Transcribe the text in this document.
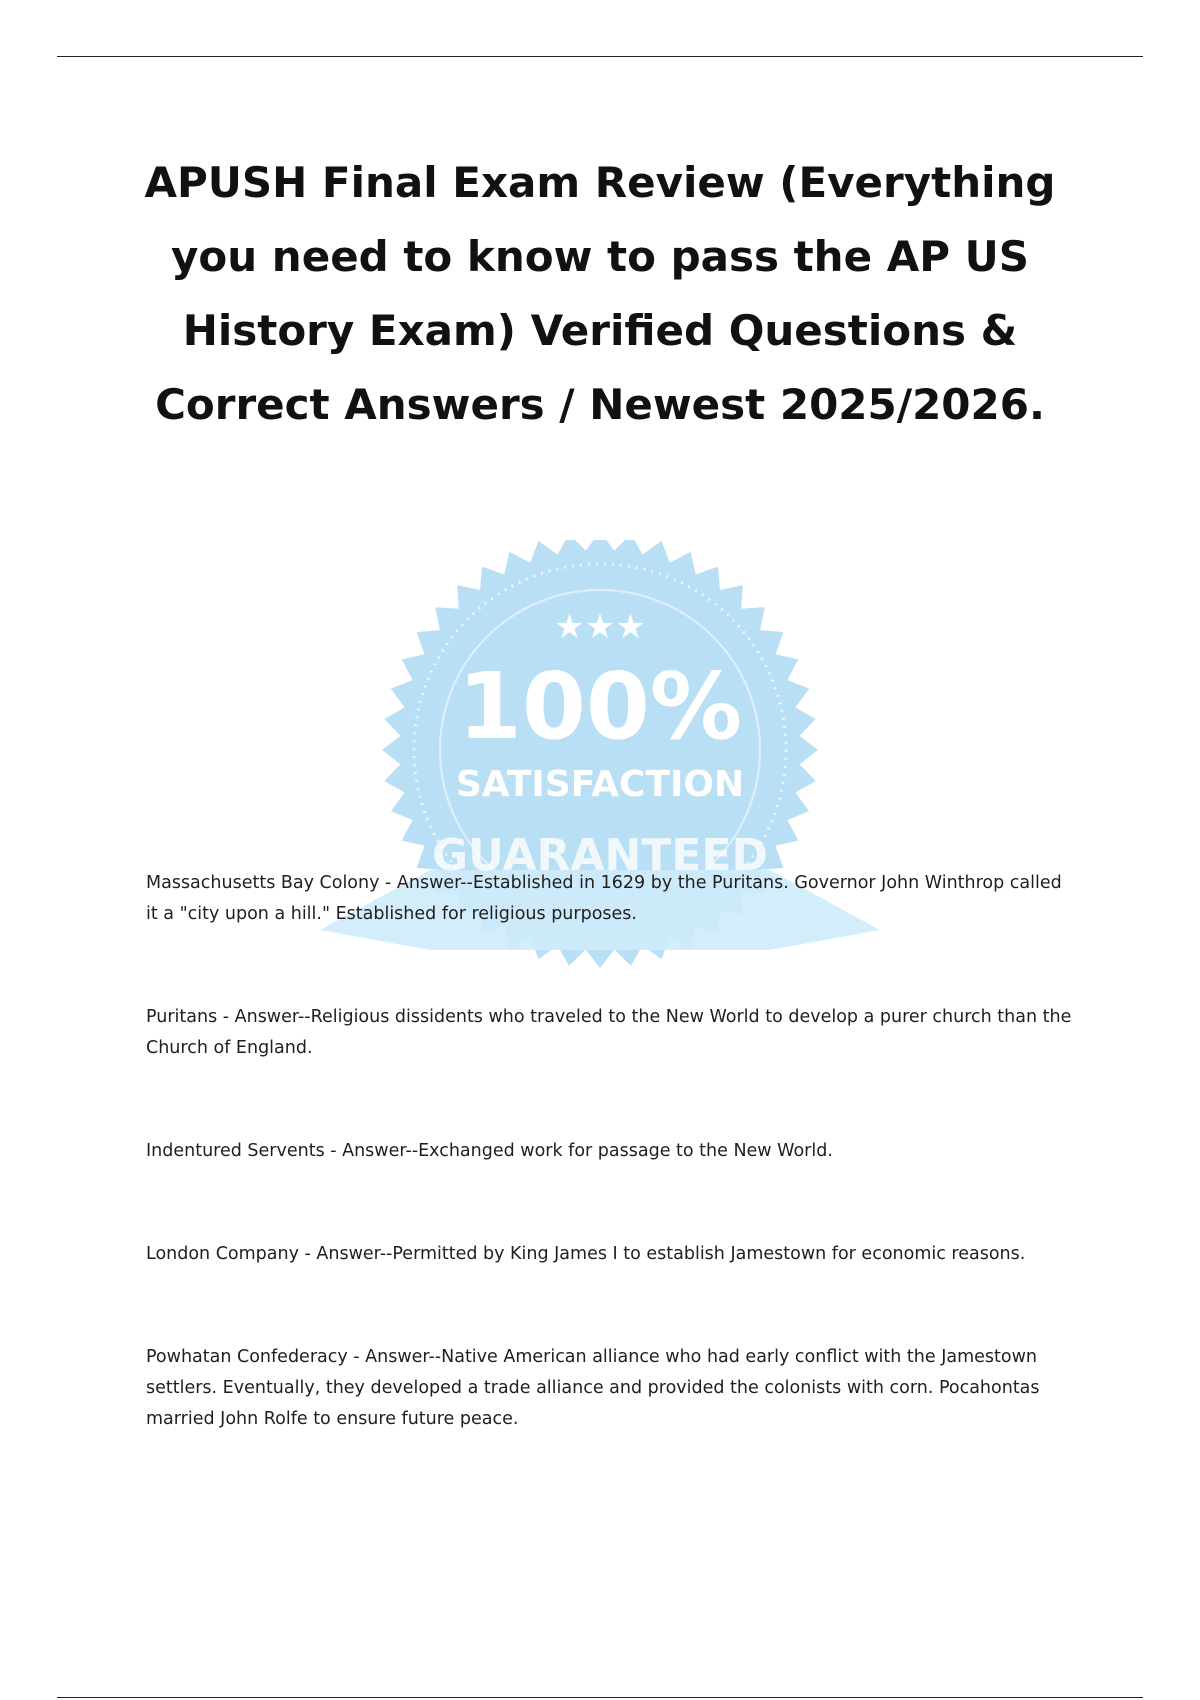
APUSH Final Exam Review (Everything you need to know to pass the AP US History Exam) Verified Questions & Correct Answers / Newest 2025/2026.
★★★
100%
SATISFACTION
GUARANTEED
Massachusetts Bay Colony - Answer--Established in 1629 by the Puritans. Governor John Winthrop called it a "city upon a hill." Established for religious purposes.
Puritans - Answer--Religious dissidents who traveled to the New World to develop a purer church than the Church of England.
Indentured Servents - Answer--Exchanged work for passage to the New World.
London Company - Answer--Permitted by King James I to establish Jamestown for economic reasons.
Powhatan Confederacy - Answer--Native American alliance who had early conflict with the Jamestown settlers. Eventually, they developed a trade alliance and provided the colonists with corn. Pocahontas married John Rolfe to ensure future peace.
